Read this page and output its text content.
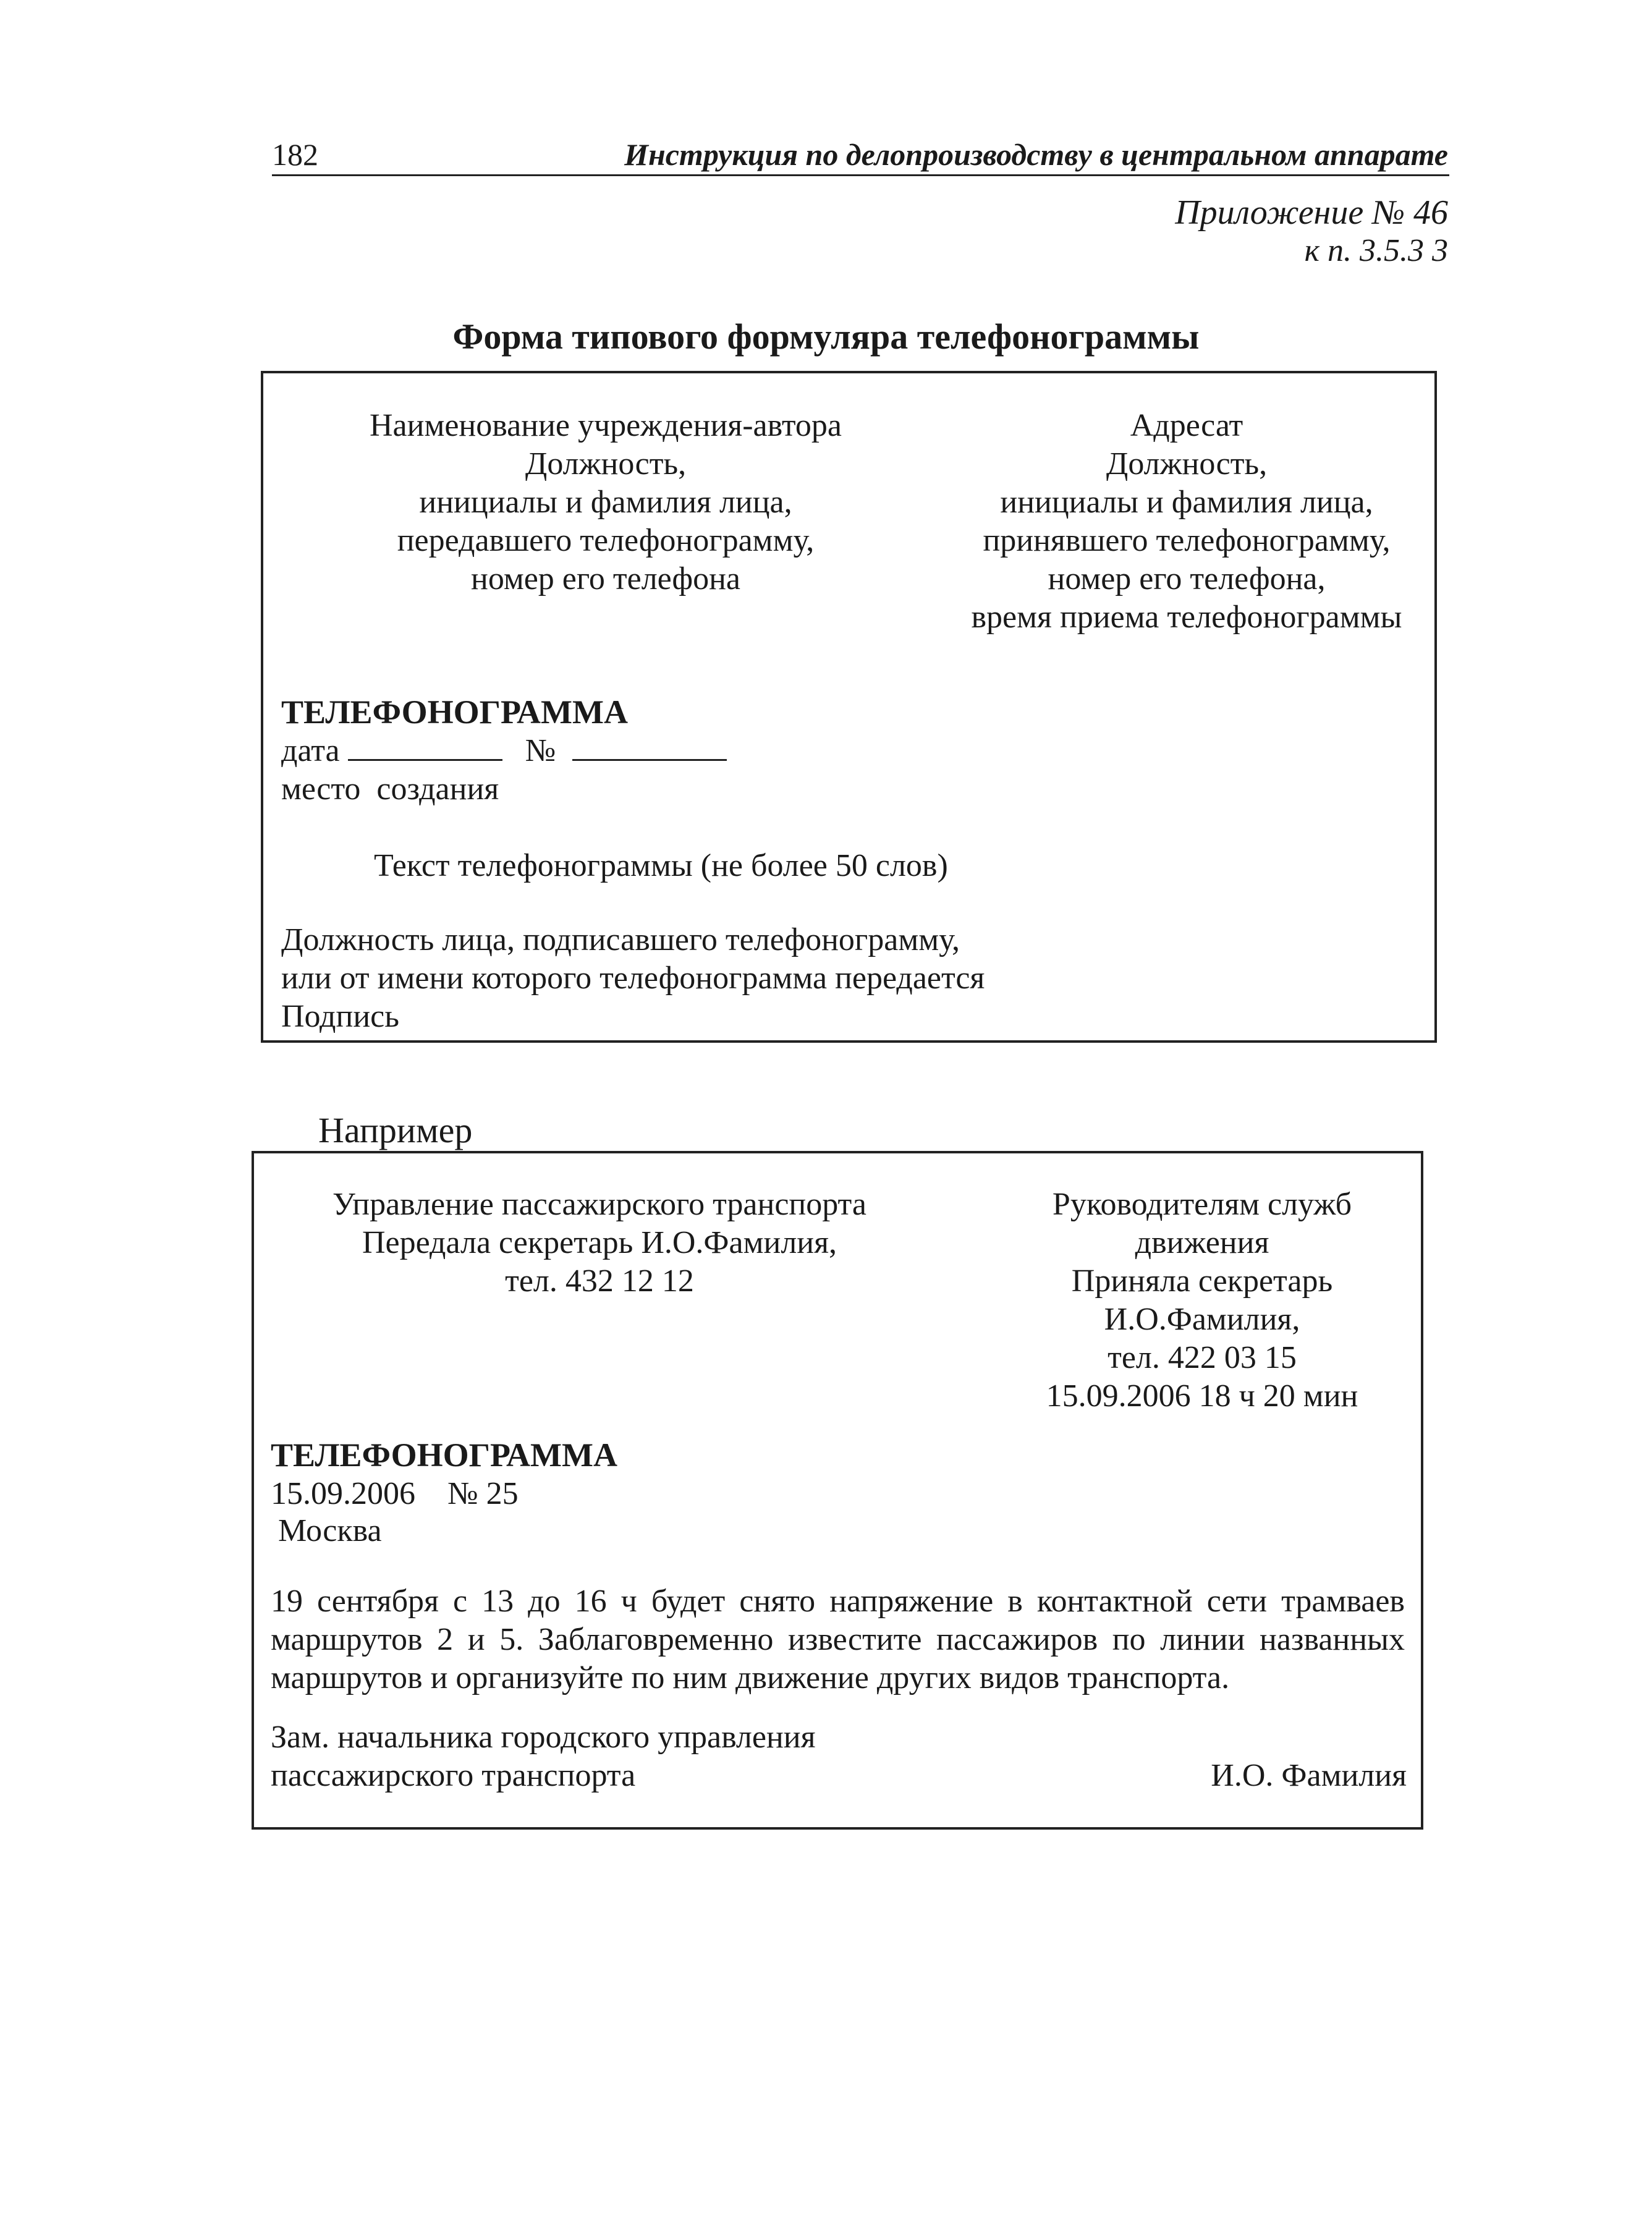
182	Инструкция по делопроизводству в центральном аппарате
Приложение № 46
к п. 3.5.3 3
Форма типового формуляра телефонограммы
Наименование учреждения-автора
Должность,
инициалы и фамилия лица,
передавшего телефонограмму,
номер его телефона
Адресат
Должность,
инициалы и фамилия лица,
принявшего телефонограмму,
номер его телефона,
время приема телефонограммы
ТЕЛЕФОНОГРАММА
дата	№
место  создания
Текст телефонограммы (не более 50 слов)
Должность лица, подписавшего телефонограмму,
или от имени которого телефонограмма передается
Подпись
Например
Управление пассажирского транспорта
Передала секретарь И.О.Фамилия,
тел. 432 12 12
Руководителям служб
движения
Приняла секретарь
И.О.Фамилия,
тел. 422 03 15
15.09.2006 18 ч 20 мин
ТЕЛЕФОНОГРАММА
15.09.2006    № 25
Москва
19 сентября с 13 до 16 ч будет снято напряжение в контактной сети трамваев
маршрутов 2 и 5. Заблаговременно известите пассажиров по линии названных
маршрутов и организуйте по ним движение других видов транспорта.
Зам. начальника городского управления
пассажирского транспорта	И.О. Фамилия
